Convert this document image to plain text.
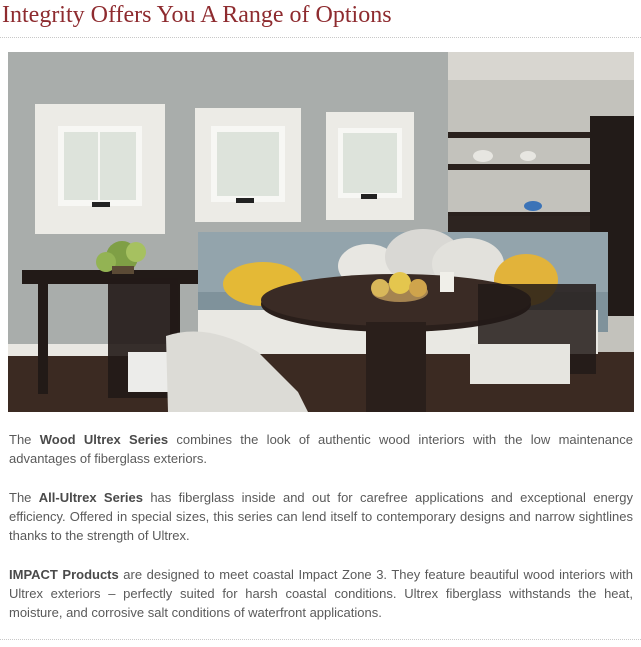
Integrity Offers You A Range of Options
The Wood Ultrex Series combines the look of authentic wood interiors with the low maintenance advantages of fiberglass exteriors.
The All-Ultrex Series has fiberglass inside and out for carefree applications and exceptional energy efficiency. Offered in special sizes, this series can lend itself to contemporary designs and narrow sightlines thanks to the strength of Ultrex.
IMPACT Products are designed to meet coastal Impact Zone 3. They feature beautiful wood interiors with Ultrex exteriors – perfectly suited for harsh coastal conditions. Ultrex fiberglass withstands the heat, moisture, and corrosive salt conditions of waterfront applications.
